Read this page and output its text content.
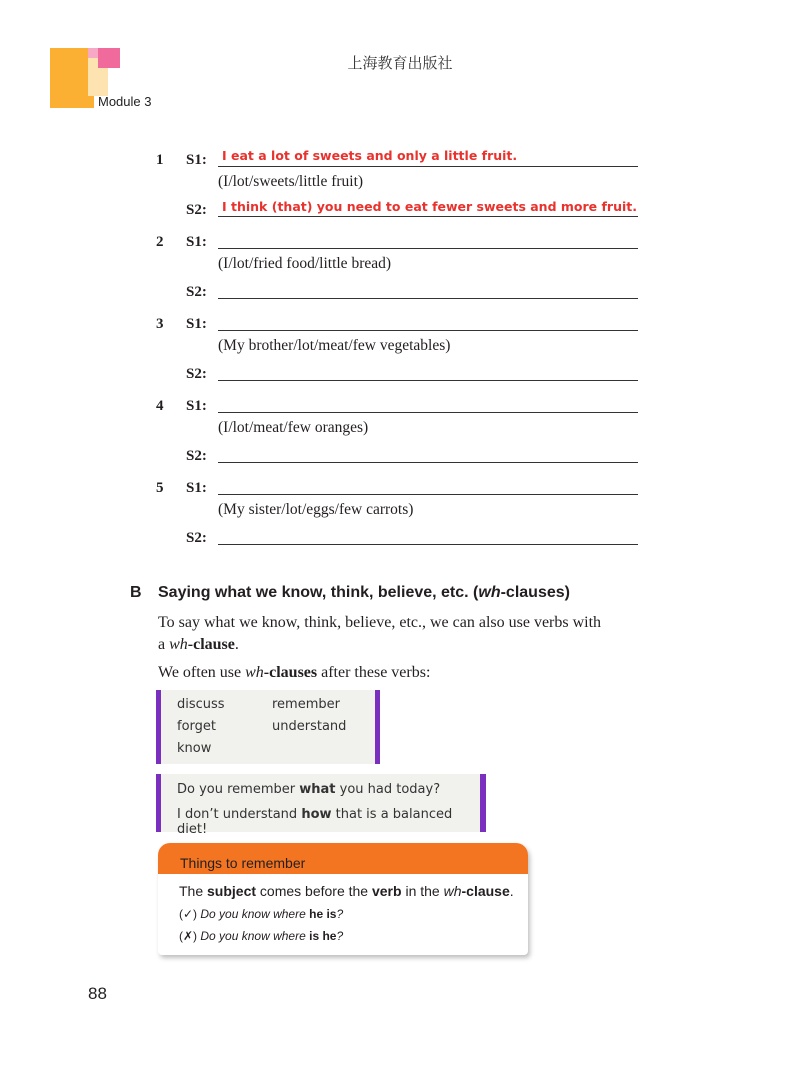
上海教育出版社
Module 3
1 S1: I eat a lot of sweets and only a little fruit.
(I/lot/sweets/little fruit)
S2: I think (that) you need to eat fewer sweets and more fruit.
2 S1:
(I/lot/fried food/little bread)
S2:
3 S1:
(My brother/lot/meat/few vegetables)
S2:
4 S1:
(I/lot/meat/few oranges)
S2:
5 S1:
(My sister/lot/eggs/few carrots)
S2:
B Saying what we know, think, believe, etc. (wh-clauses)
To say what we know, think, believe, etc., we can also use verbs with
a wh-clause.
We often use wh-clauses after these verbs:
discuss	remember
forget	understand
know
Do you remember what you had today?
I don’t understand how that is a balanced diet!
Things to remember
The subject comes before the verb in the wh-clause.
(✓) Do you know where he is?
(✗) Do you know where is he?
88
